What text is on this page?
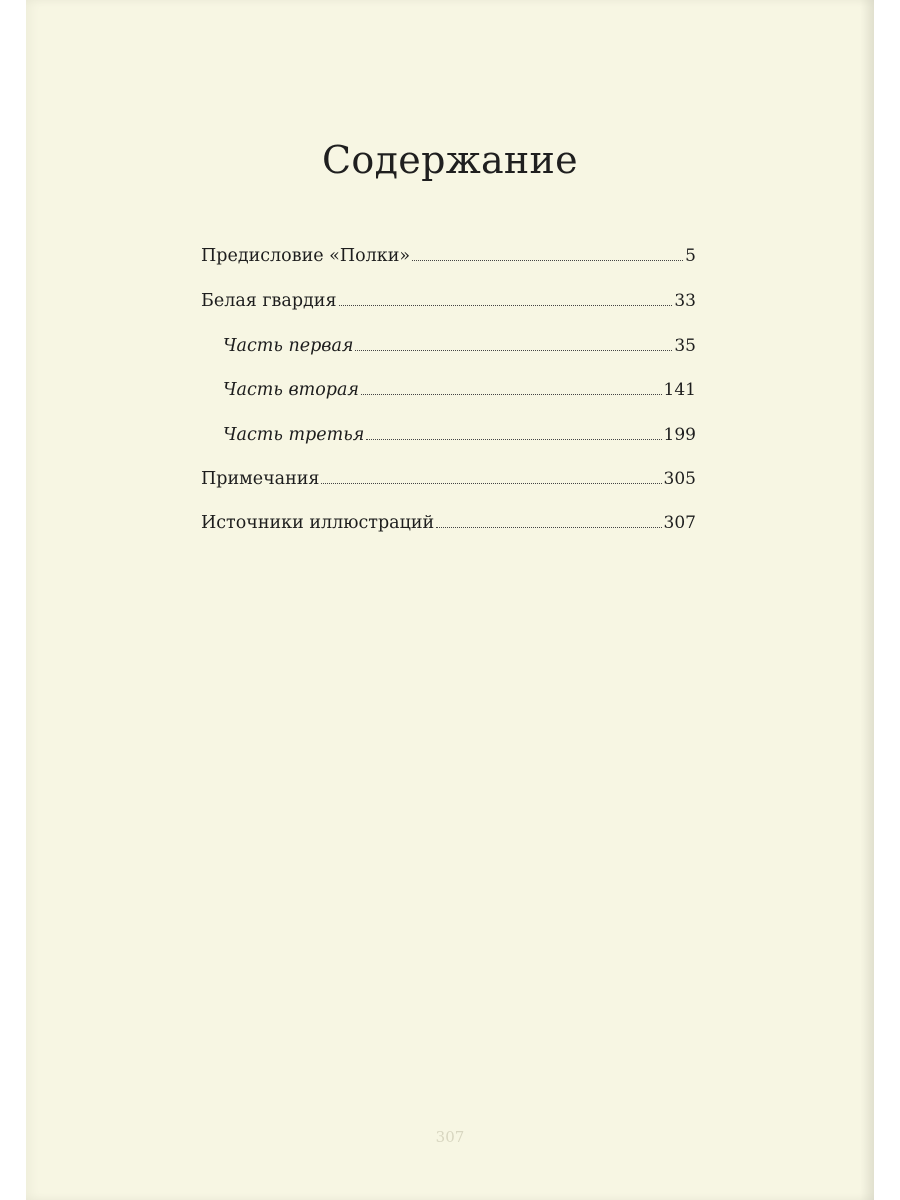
Содержание
Предисловие «Полки»	5
Белая гвардия	33
Часть первая	35
Часть вторая	141
Часть третья	199
Примечания	305
Источники иллюстраций	307
307
